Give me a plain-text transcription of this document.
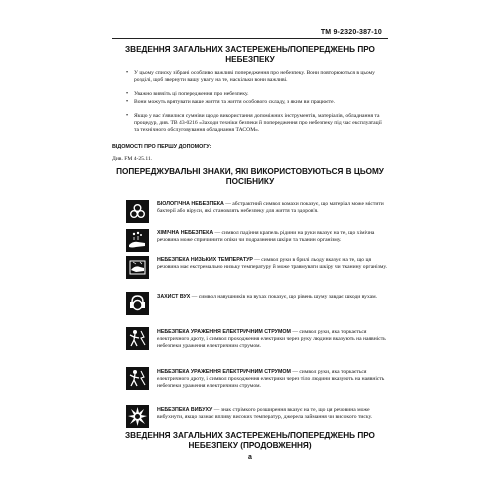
TM 9-2320-387-10
ЗВЕДЕННЯ ЗАГАЛЬНИХ ЗАСТЕРЕЖЕНЬ/ПОПЕРЕДЖЕНЬ ПРО НЕБЕЗПЕКУ
• У цьому списку зібрані особливо важливі попередження про небезпеку. Вони повторюються в цьому розділі, щоб звернути вашу увагу на те, наскільки вони важливі.
• Уважно вивчіть ці попередження про небезпеку.
• Вони можуть врятувати ваше життя та життя особового складу, з яким ви працюєте.
• Якщо у вас з'явилися сумніви щодо використання допоміжних інструментів, матеріалів, обладнання та процедур, див. ТВ 43-0216 «Заходи техніки безпеки й попередження про небезпеку під час експлуатації та технічного обслуговування обладнання ТАСОМ».
ВІДОМОСТІ ПРО ПЕРШУ ДОПОМОГУ:
Див. FM 4-25.11.
ПОПЕРЕДЖУВАЛЬНІ ЗНАКИ, ЯКІ ВИКОРИСТОВУЮТЬСЯ В ЦЬОМУ ПОСІБНИКУ
БІОЛОГІЧНА НЕБЕЗПЕКА — абстрактний символ комахи показує, що матеріал може містити бактерії або віруси, які становлять небезпеку для життя та здоров'я.
ХІМІЧНА НЕБЕЗПЕКА — символ падіння крапель рідини на руки вказує на те, що хімічна речовина може спричинити опіки чи подразнення шкіри та тканин організму.
НЕБЕЗПЕКА НИЗЬКИХ ТЕМПЕРАТУР — символ руки в брилі льоду вказує на те, що ця речовина має екстремально низьку температуру й може травмувати шкіру чи тканину організму.
ЗАХИСТ ВУХ — символ навушників на вухах показує, що рівень шуму завдає шкоди вухам.
НЕБЕЗПЕКА УРАЖЕННЯ ЕЛЕКТРИЧНИМ СТРУМОМ — символ руки, яка торкається електричного дроту, і символ проходження електрики через руку людини вказують на наявність небезпеки ураження електричним струмом.
НЕБЕЗПЕКА УРАЖЕННЯ ЕЛЕКТРИЧНИМ СТРУМОМ — символ руки, яка торкається електричного дроту, і символ проходження електрики через тіло людини вказують на наявність небезпеки ураження електричним струмом.
НЕБЕЗПЕКА ВИБУХУ — знак стрімкого розширення вказує на те, що ця речовина може вибухнути, якщо зазнає впливу високих температур, джерела займання чи високого тиску.
ЗВЕДЕННЯ ЗАГАЛЬНИХ ЗАСТЕРЕЖЕНЬ/ПОПЕРЕДЖЕНЬ ПРО НЕБЕЗПЕКУ (ПРОДОВЖЕННЯ)
a
